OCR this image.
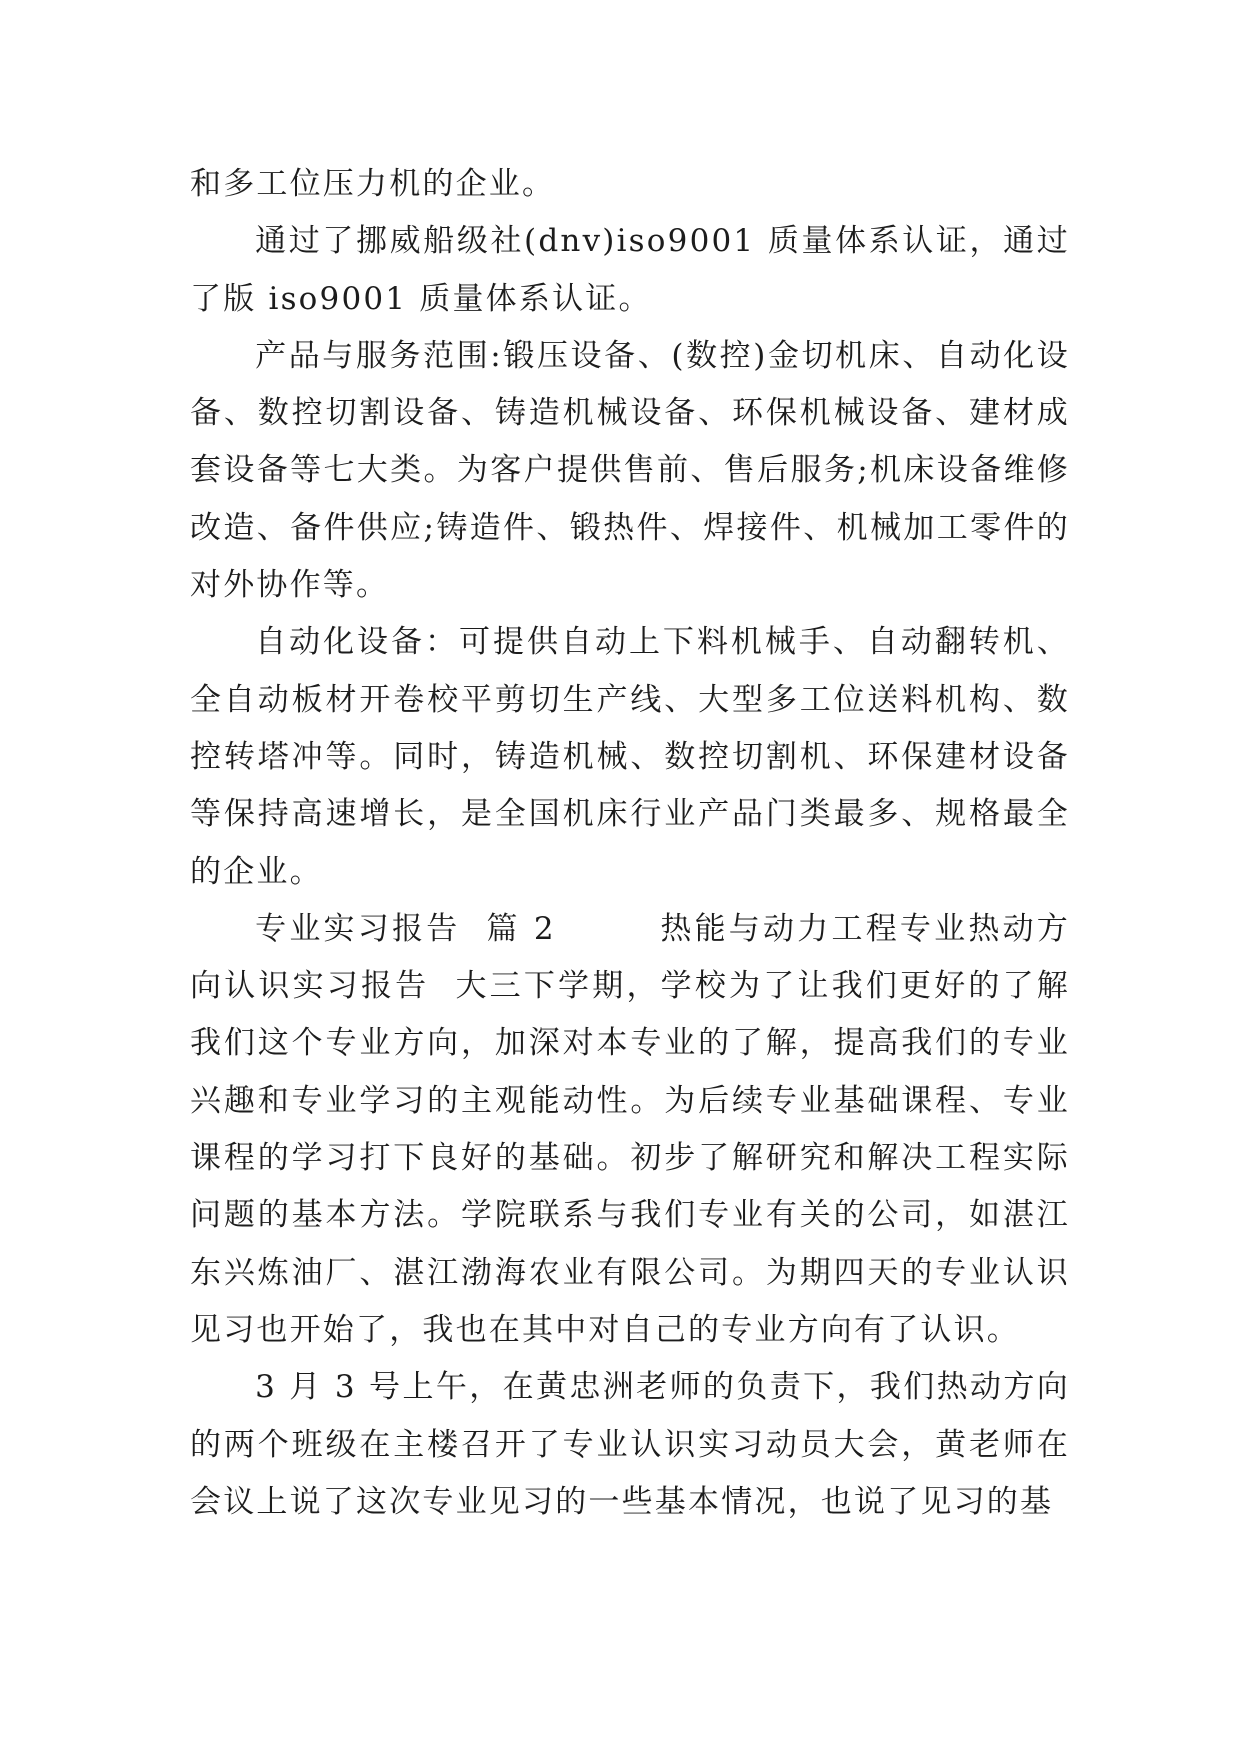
和多工位压力机的企业。

通过了挪威船级社(dnv)iso9001 质量体系认证，通过了版 iso9001 质量体系认证。

产品与服务范围:锻压设备、(数控)金切机床、自动化设备、数控切割设备、铸造机械设备、环保机械设备、建材成套设备等七大类。为客户提供售前、售后服务;机床设备维修改造、备件供应;铸造件、锻热件、焊接件、机械加工零件的对外协作等。

自动化设备：可提供自动上下料机械手、自动翻转机、全自动板材开卷校平剪切生产线、大型多工位送料机构、数控转塔冲等。同时，铸造机械、数控切割机、环保建材设备等保持高速增长，是全国机床行业产品门类最多、规格最全的企业。

专业实习报告  篇 2        热能与动力工程专业热动方向认识实习报告  大三下学期，学校为了让我们更好的了解我们这个专业方向，加深对本专业的了解，提高我们的专业兴趣和专业学习的主观能动性。为后续专业基础课程、专业课程的学习打下良好的基础。初步了解研究和解决工程实际问题的基本方法。学院联系与我们专业有关的公司，如湛江东兴炼油厂、湛江渤海农业有限公司。为期四天的专业认识见习也开始了，我也在其中对自己的专业方向有了认识。

3 月 3 号上午，在黄忠洲老师的负责下，我们热动方向的两个班级在主楼召开了专业认识实习动员大会，黄老师在会议上说了这次专业见习的一些基本情况，也说了见习的基
